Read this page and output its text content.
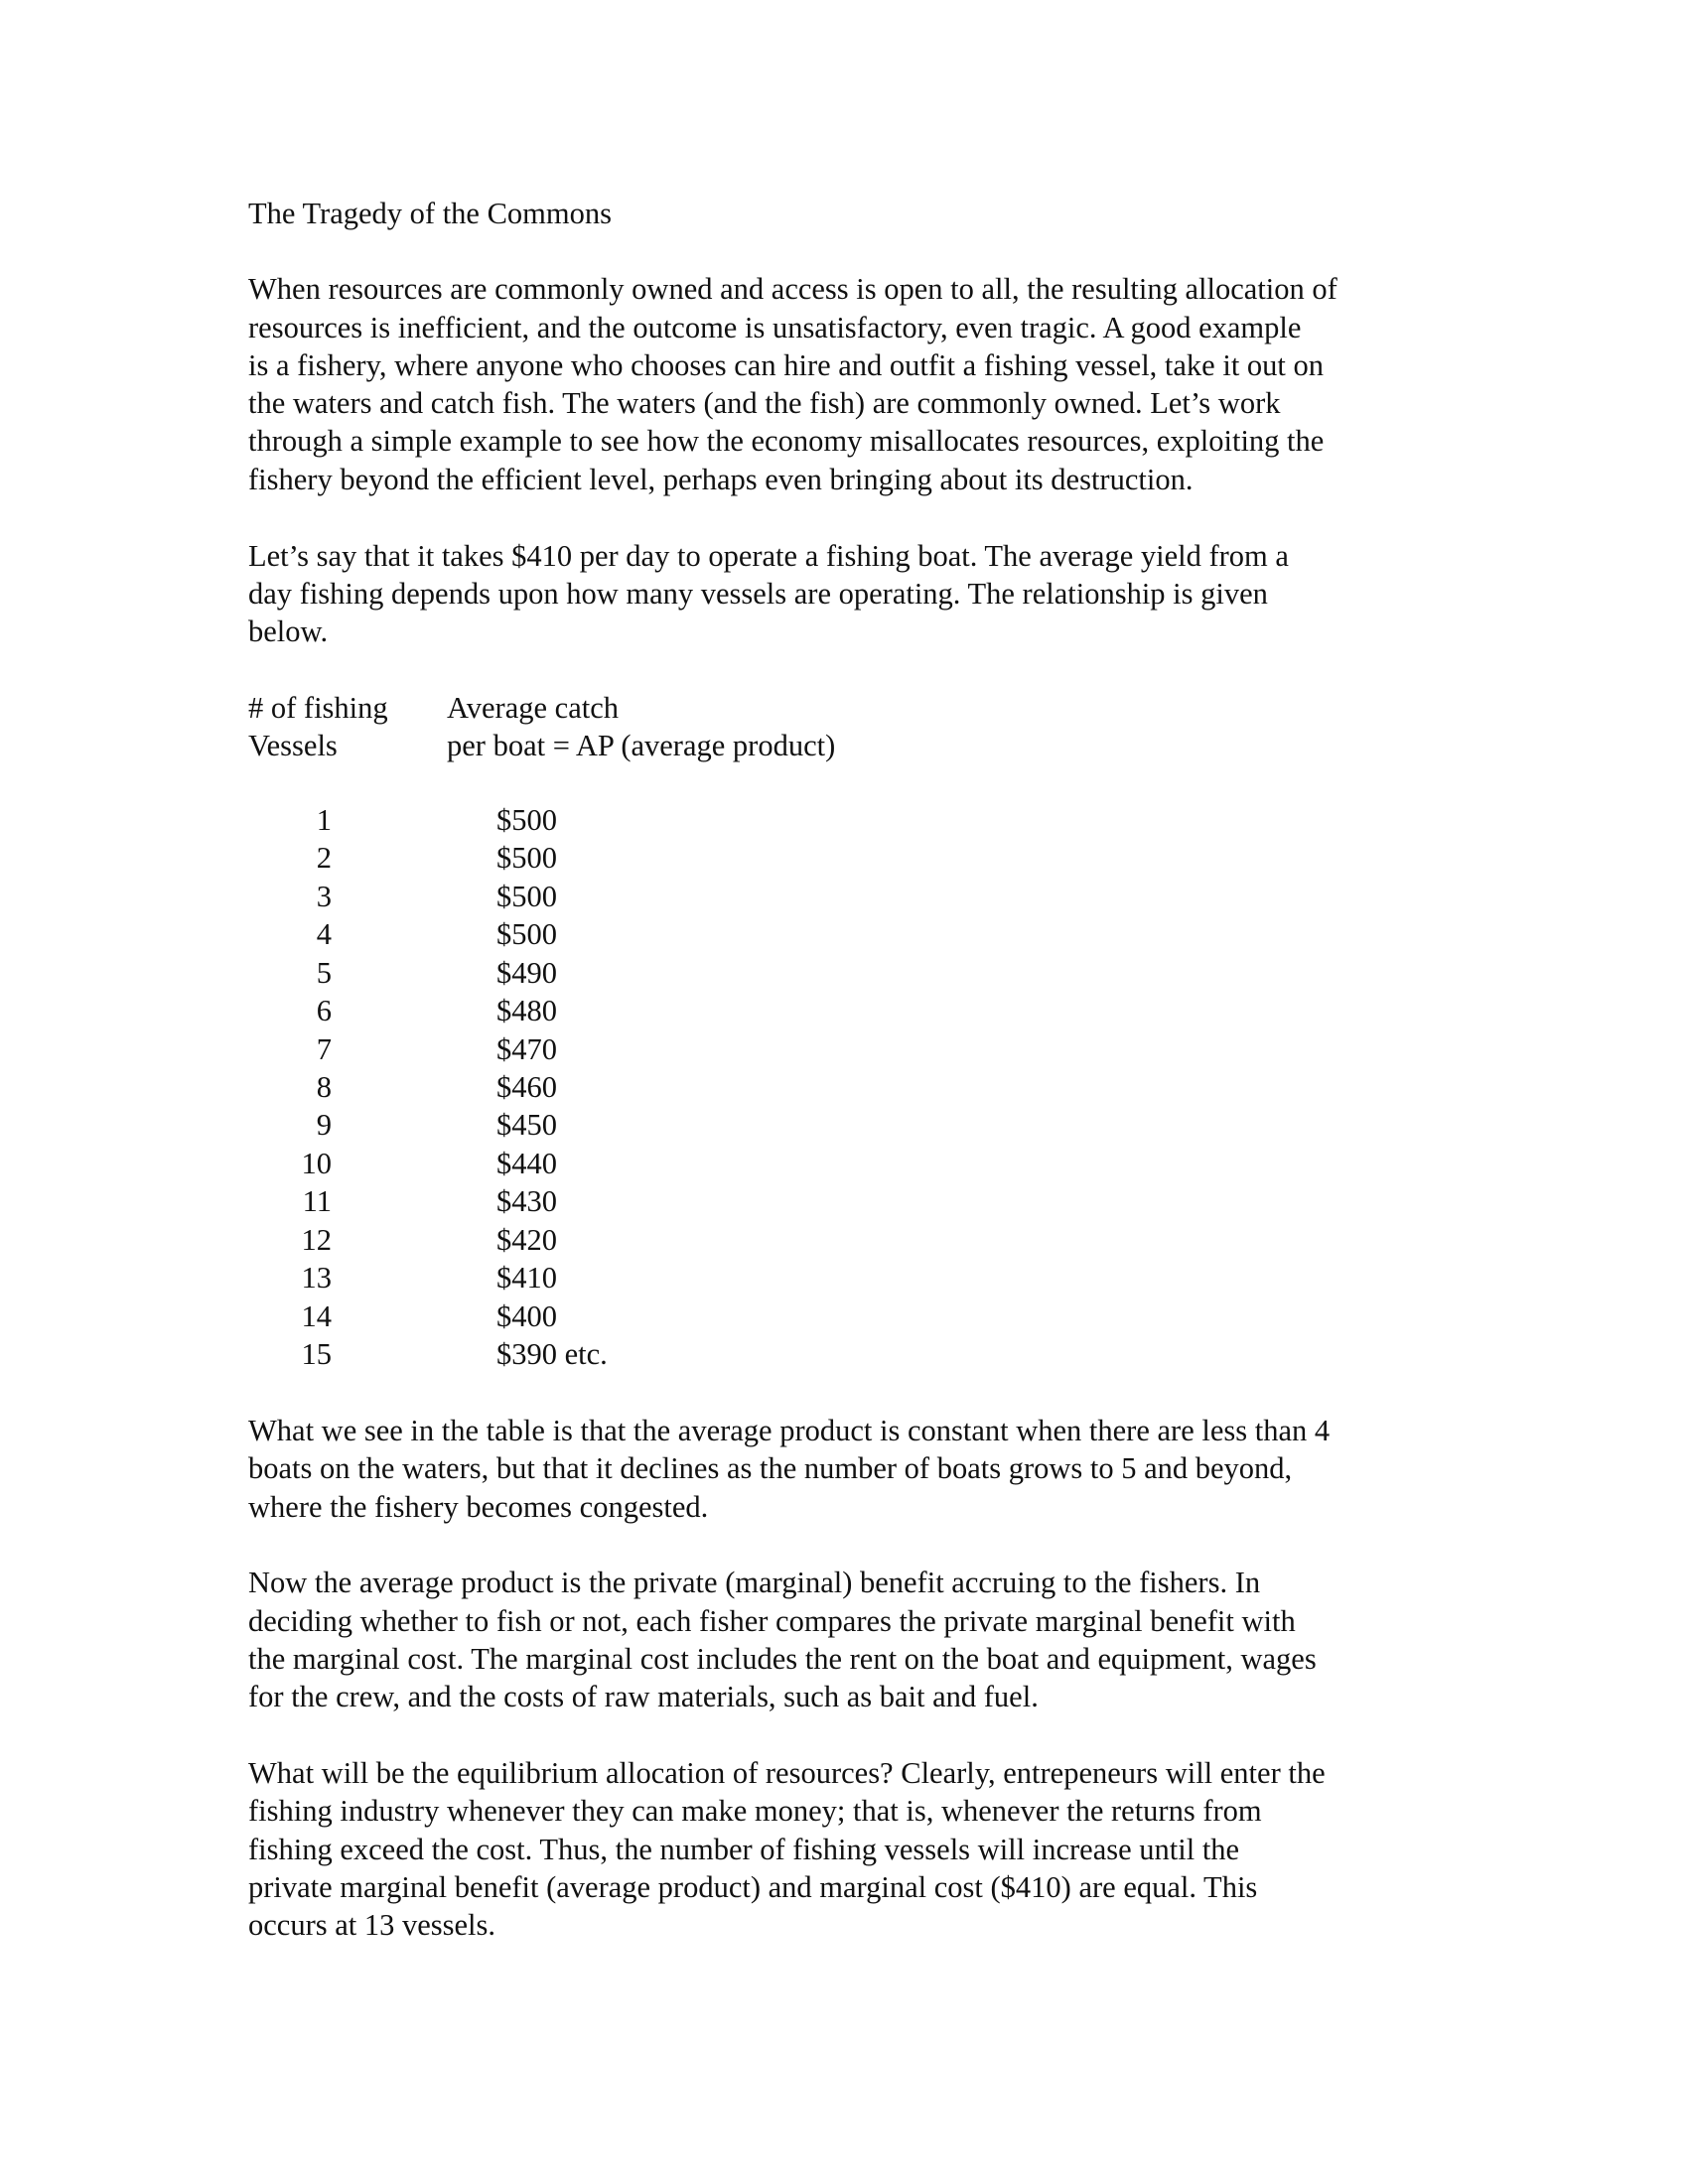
The Tragedy of the Commons
When resources are commonly owned and access is open to all, the resulting allocation of
resources is inefficient, and the outcome is unsatisfactory, even tragic. A good example
is a fishery, where anyone who chooses can hire and outfit a fishing vessel, take it out on
the waters and catch fish. The waters (and the fish) are commonly owned. Let’s work
through a simple example to see how the economy misallocates resources, exploiting the
fishery beyond the efficient level, perhaps even bringing about its destruction.
Let’s say that it takes $410 per day to operate a fishing boat. The average yield from a
day fishing depends upon how many vessels are operating. The relationship is given
below.
# of fishing
Vessels
Average catch
per boat = AP (average product)
1	$500
2	$500
3	$500
4	$500
5	$490
6	$480
7	$470
8	$460
9	$450
10	$440
11	$430
12	$420
13	$410
14	$400
15	$390 etc.
What we see in the table is that the average product is constant when there are less than 4
boats on the waters, but that it declines as the number of boats grows to 5 and beyond,
where the fishery becomes congested.
Now the average product is the private (marginal) benefit accruing to the fishers. In
deciding whether to fish or not, each fisher compares the private marginal benefit with
the marginal cost. The marginal cost includes the rent on the boat and equipment, wages
for the crew, and the costs of raw materials, such as bait and fuel.
What will be the equilibrium allocation of resources? Clearly, entrepeneurs will enter the
fishing industry whenever they can make money; that is, whenever the returns from
fishing exceed the cost. Thus, the number of fishing vessels will increase until the
private marginal benefit (average product) and marginal cost ($410) are equal. This
occurs at 13 vessels.
